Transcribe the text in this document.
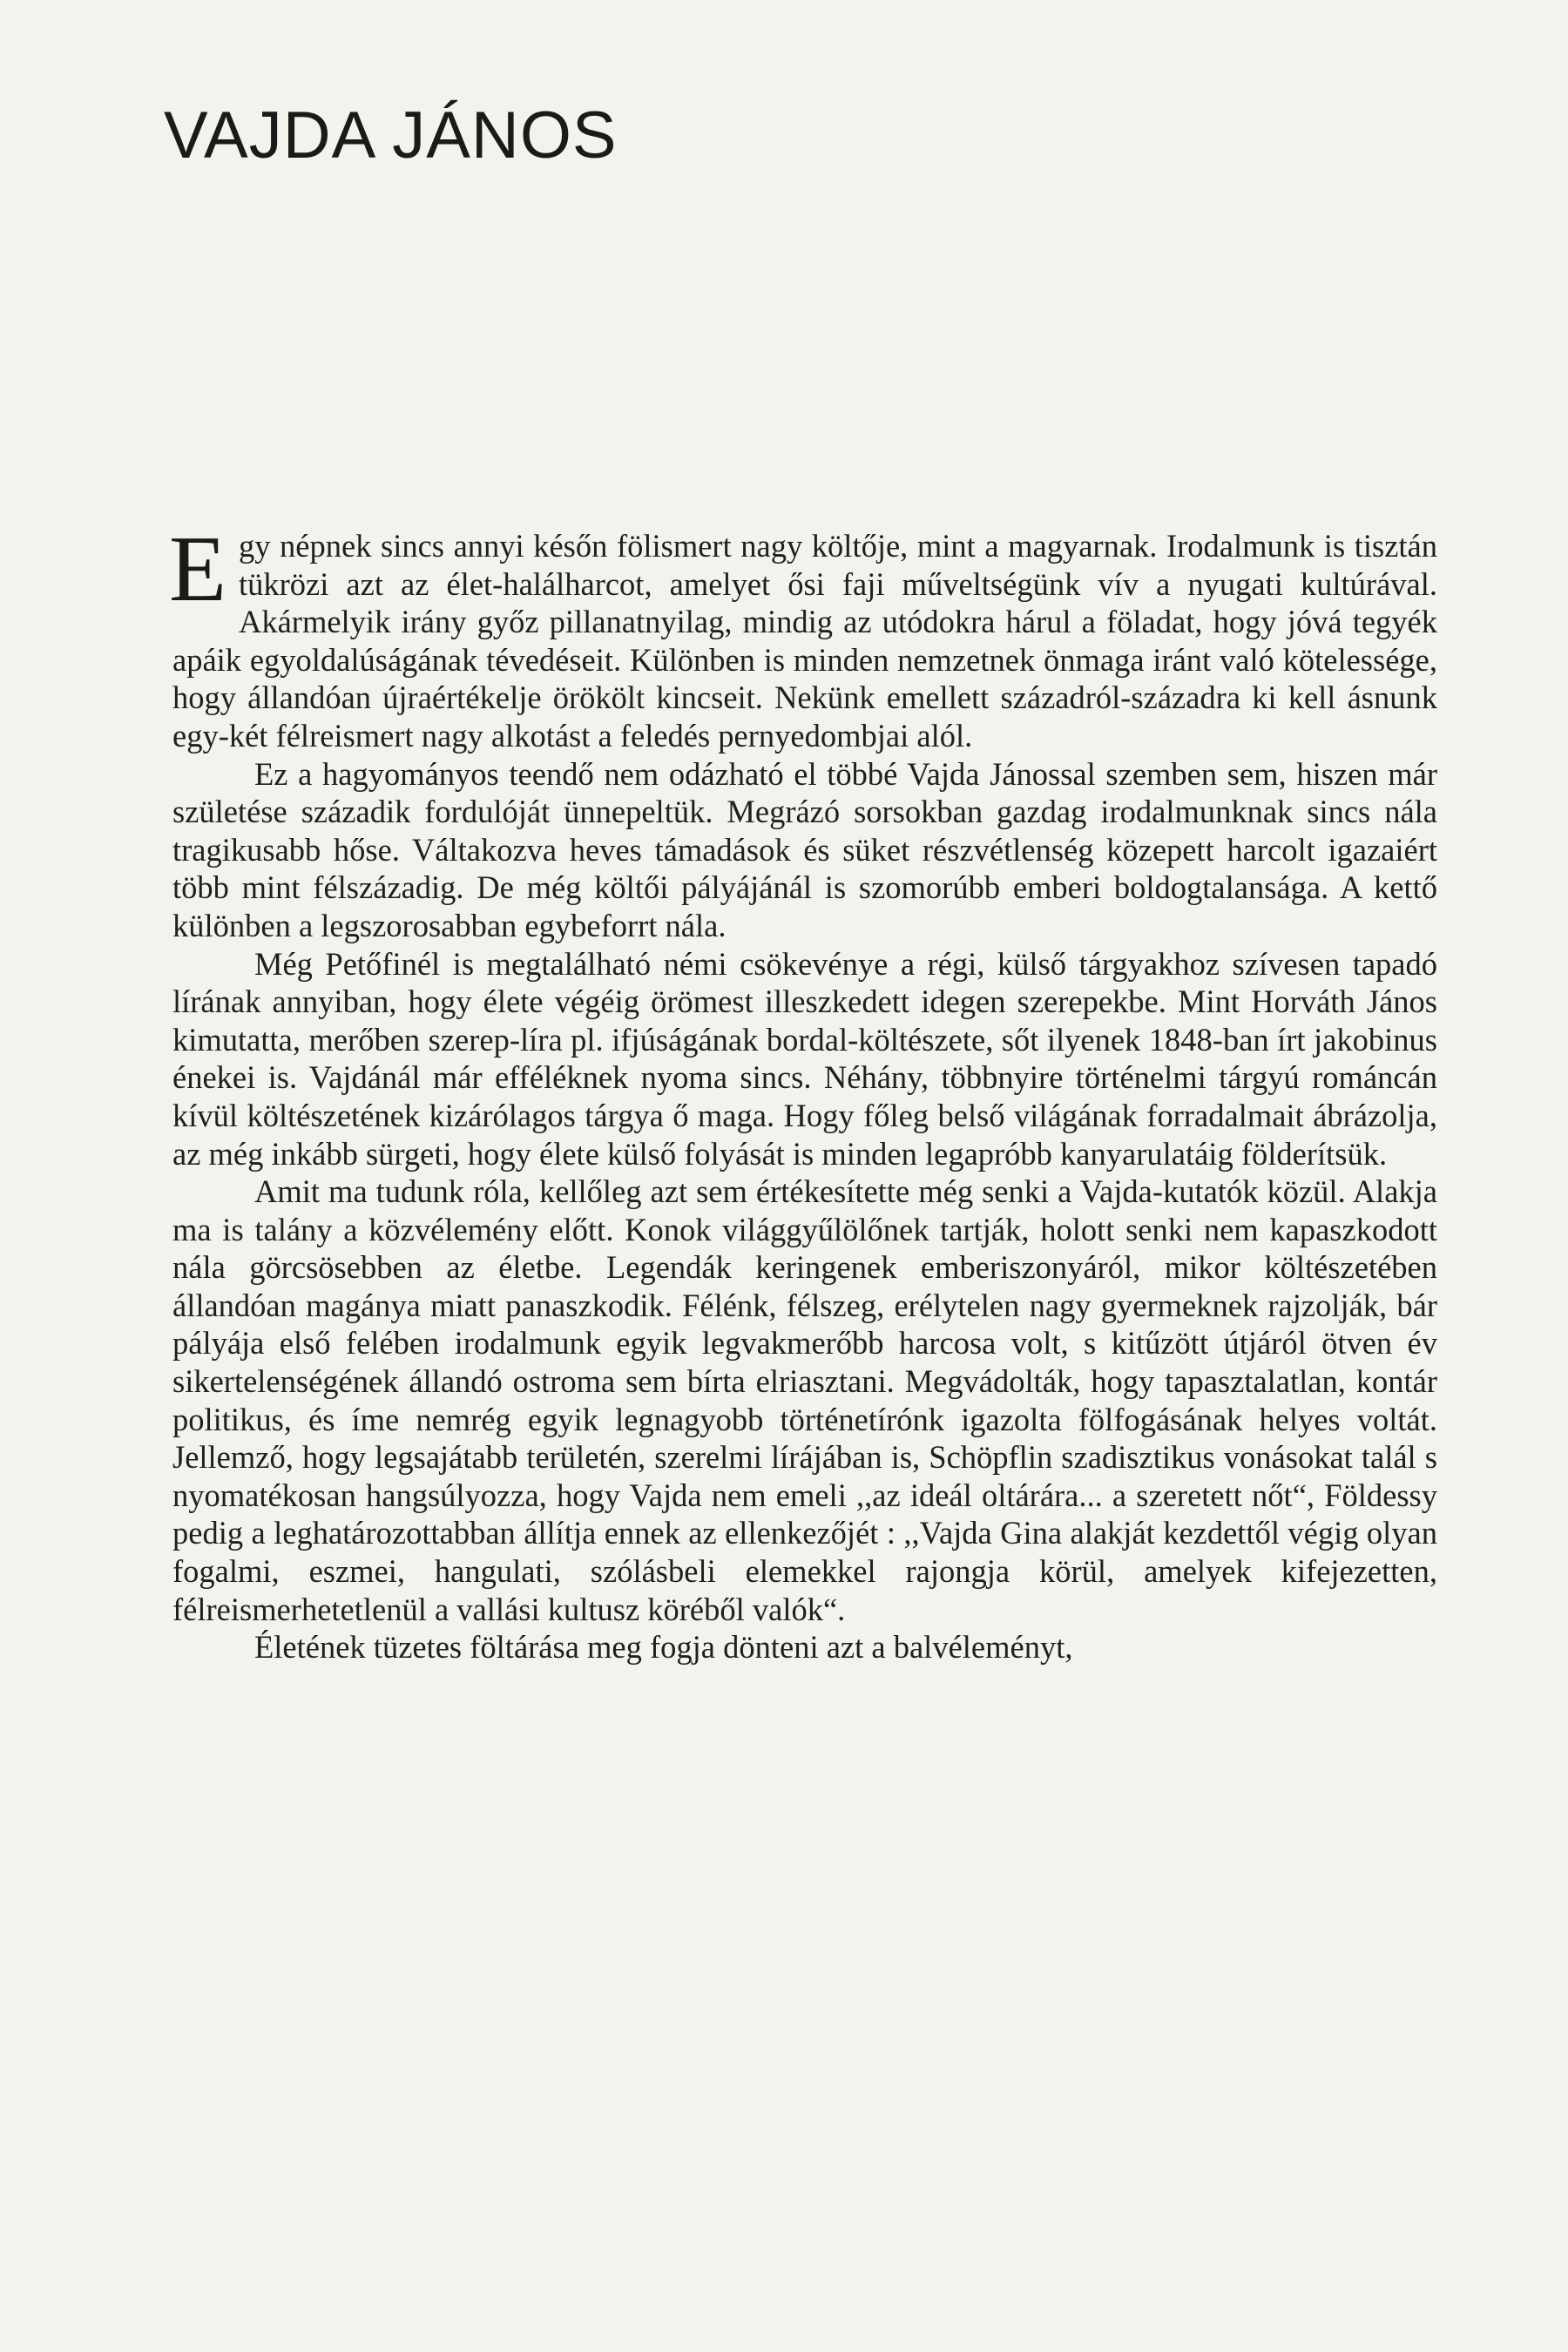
VAJDA JÁNOS

Egy népnek sincs annyi későn fölismert nagy költője, mint a magyarnak. Irodalmunk is tisztán tükrözi azt az élet-halálharcot, amelyet ősi faji műveltségünk vív a nyugati kultúrával. Akármelyik irány győz pillanatnyilag, mindig az utódokra hárul a föladat, hogy jóvá tegyék apáik egyoldalúságának tévedéseit. Különben is minden nemzetnek önmaga iránt való kötelessége, hogy állandóan újraértékelje örökölt kincseit. Nekünk emellett századról-századra ki kell ásnunk egy-két félreismert nagy alkotást a feledés pernyedombjai alól.

Ez a hagyományos teendő nem odázható el többé Vajda Jánossal szemben sem, hiszen már születése századik fordulóját ünnepeltük. Megrázó sorsokban gazdag irodalmunknak sincs nála tragikusabb hőse. Váltakozva heves támadások és süket részvétlenség közepett harcolt igazaiért több mint félszázadig. De még költői pályájánál is szomorúbb emberi boldogtalansága. A kettő különben a legszorosabban egybeforrt nála.

Még Petőfinél is megtalálható némi csökevénye a régi, külső tárgyakhoz szívesen tapadó lírának annyiban, hogy élete végéig örömest illeszkedett idegen szerepekbe. Mint Horváth János kimutatta, merőben szerep-líra pl. ifjúságának bordal-költészete, sőt ilyenek 1848-ban írt jakobinus énekei is. Vajdánál már efféléknek nyoma sincs. Néhány, többnyire történelmi tárgyú románcán kívül költészetének kizárólagos tárgya ő maga. Hogy főleg belső világának forradalmait ábrázolja, az még inkább sürgeti, hogy élete külső folyását is minden legapróbb kanyarulatáig földerítsük.

Amit ma tudunk róla, kellőleg azt sem értékesítette még senki a Vajda-kutatók közül. Alakja ma is talány a közvélemény előtt. Konok világgyűlölőnek tartják, holott senki nem kapaszkodott nála görcsösebben az életbe. Legendák keringenek emberiszonyáról, mikor költészetében állandóan magánya miatt panaszkodik. Félénk, félszeg, erélytelen nagy gyermeknek rajzolják, bár pályája első felében irodalmunk egyik legvakmerőbb harcosa volt, s kitűzött útjáról ötven év sikertelenségének állandó ostroma sem bírta elriasztani. Megvádolták, hogy tapasztalatlan, kontár politikus, és íme nemrég egyik legnagyobb történetírónk igazolta fölfogásának helyes voltát. Jellemző, hogy legsajátabb területén, szerelmi lírájában is, Schöpflin szadisztikus vonásokat talál s nyomatékosan hangsúlyozza, hogy Vajda nem emeli ,,az ideál oltárára... a szeretett nőt“, Földessy pedig a leghatározottabban állítja ennek az ellenkezőjét : ,,Vajda Gina alakját kezdettől végig olyan fogalmi, eszmei, hangulati, szólásbeli elemekkel rajongja körül, amelyek kifejezetten, félreismerhetetlenül a vallási kultusz köréből valók“.

Életének tüzetes föltárása meg fogja dönteni azt a balvéleményt,
